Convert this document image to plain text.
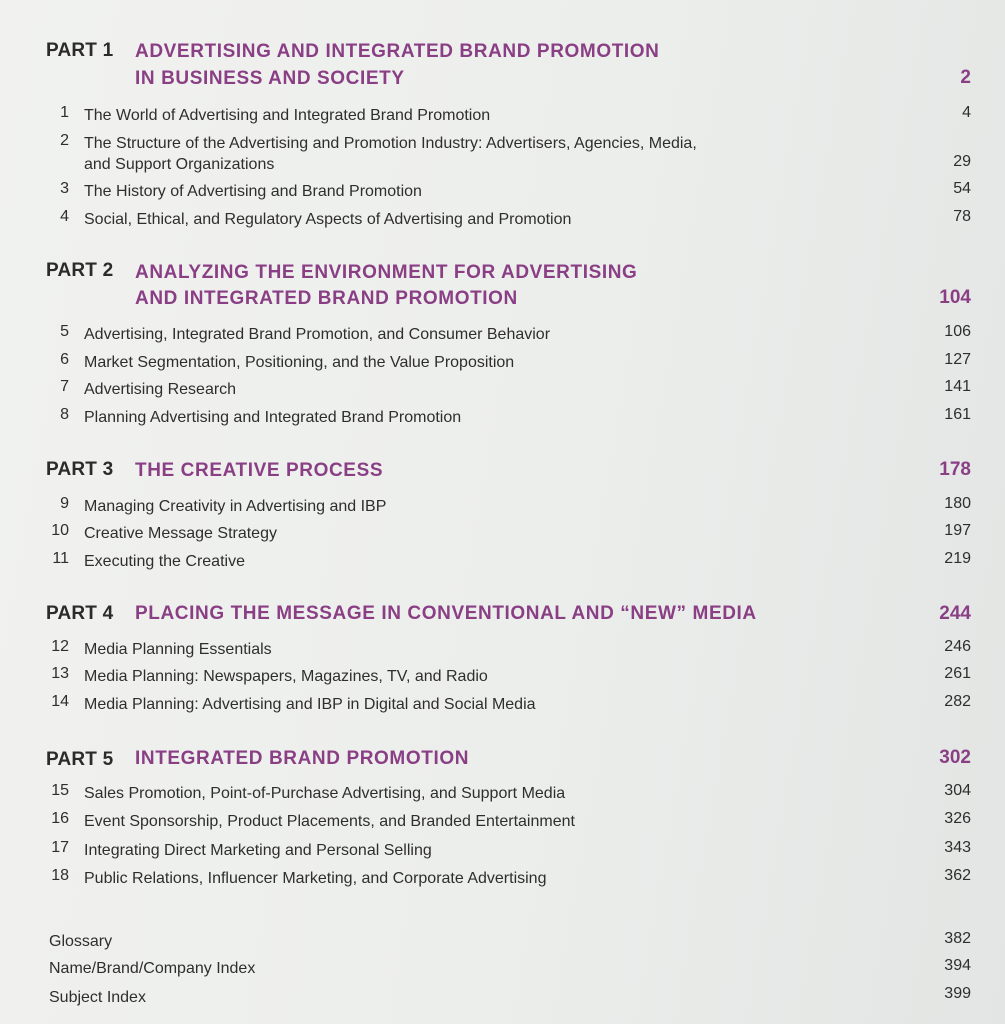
PART 1 ADVERTISING AND INTEGRATED BRAND PROMOTION
IN BUSINESS AND SOCIETY	2
1 The World of Advertising and Integrated Brand Promotion	4
2 The Structure of the Advertising and Promotion Industry: Advertisers, Agencies, Media,
and Support Organizations	29
3 The History of Advertising and Brand Promotion	54
4 Social, Ethical, and Regulatory Aspects of Advertising and Promotion	78
PART 2 ANALYZING THE ENVIRONMENT FOR ADVERTISING
AND INTEGRATED BRAND PROMOTION	104
5 Advertising, Integrated Brand Promotion, and Consumer Behavior	106
6 Market Segmentation, Positioning, and the Value Proposition	127
7 Advertising Research	141
8 Planning Advertising and Integrated Brand Promotion	161
PART 3 THE CREATIVE PROCESS	178
9 Managing Creativity in Advertising and IBP	180
10 Creative Message Strategy	197
11 Executing the Creative	219
PART 4 PLACING THE MESSAGE IN CONVENTIONAL AND “NEW” MEDIA	244
12 Media Planning Essentials	246
13 Media Planning: Newspapers, Magazines, TV, and Radio	261
14 Media Planning: Advertising and IBP in Digital and Social Media	282
PART 5 INTEGRATED BRAND PROMOTION	302
15 Sales Promotion, Point-of-Purchase Advertising, and Support Media	304
16 Event Sponsorship, Product Placements, and Branded Entertainment	326
17 Integrating Direct Marketing and Personal Selling	343
18 Public Relations, Influencer Marketing, and Corporate Advertising	362
Glossary	382
Name/Brand/Company Index	394
Subject Index	399
